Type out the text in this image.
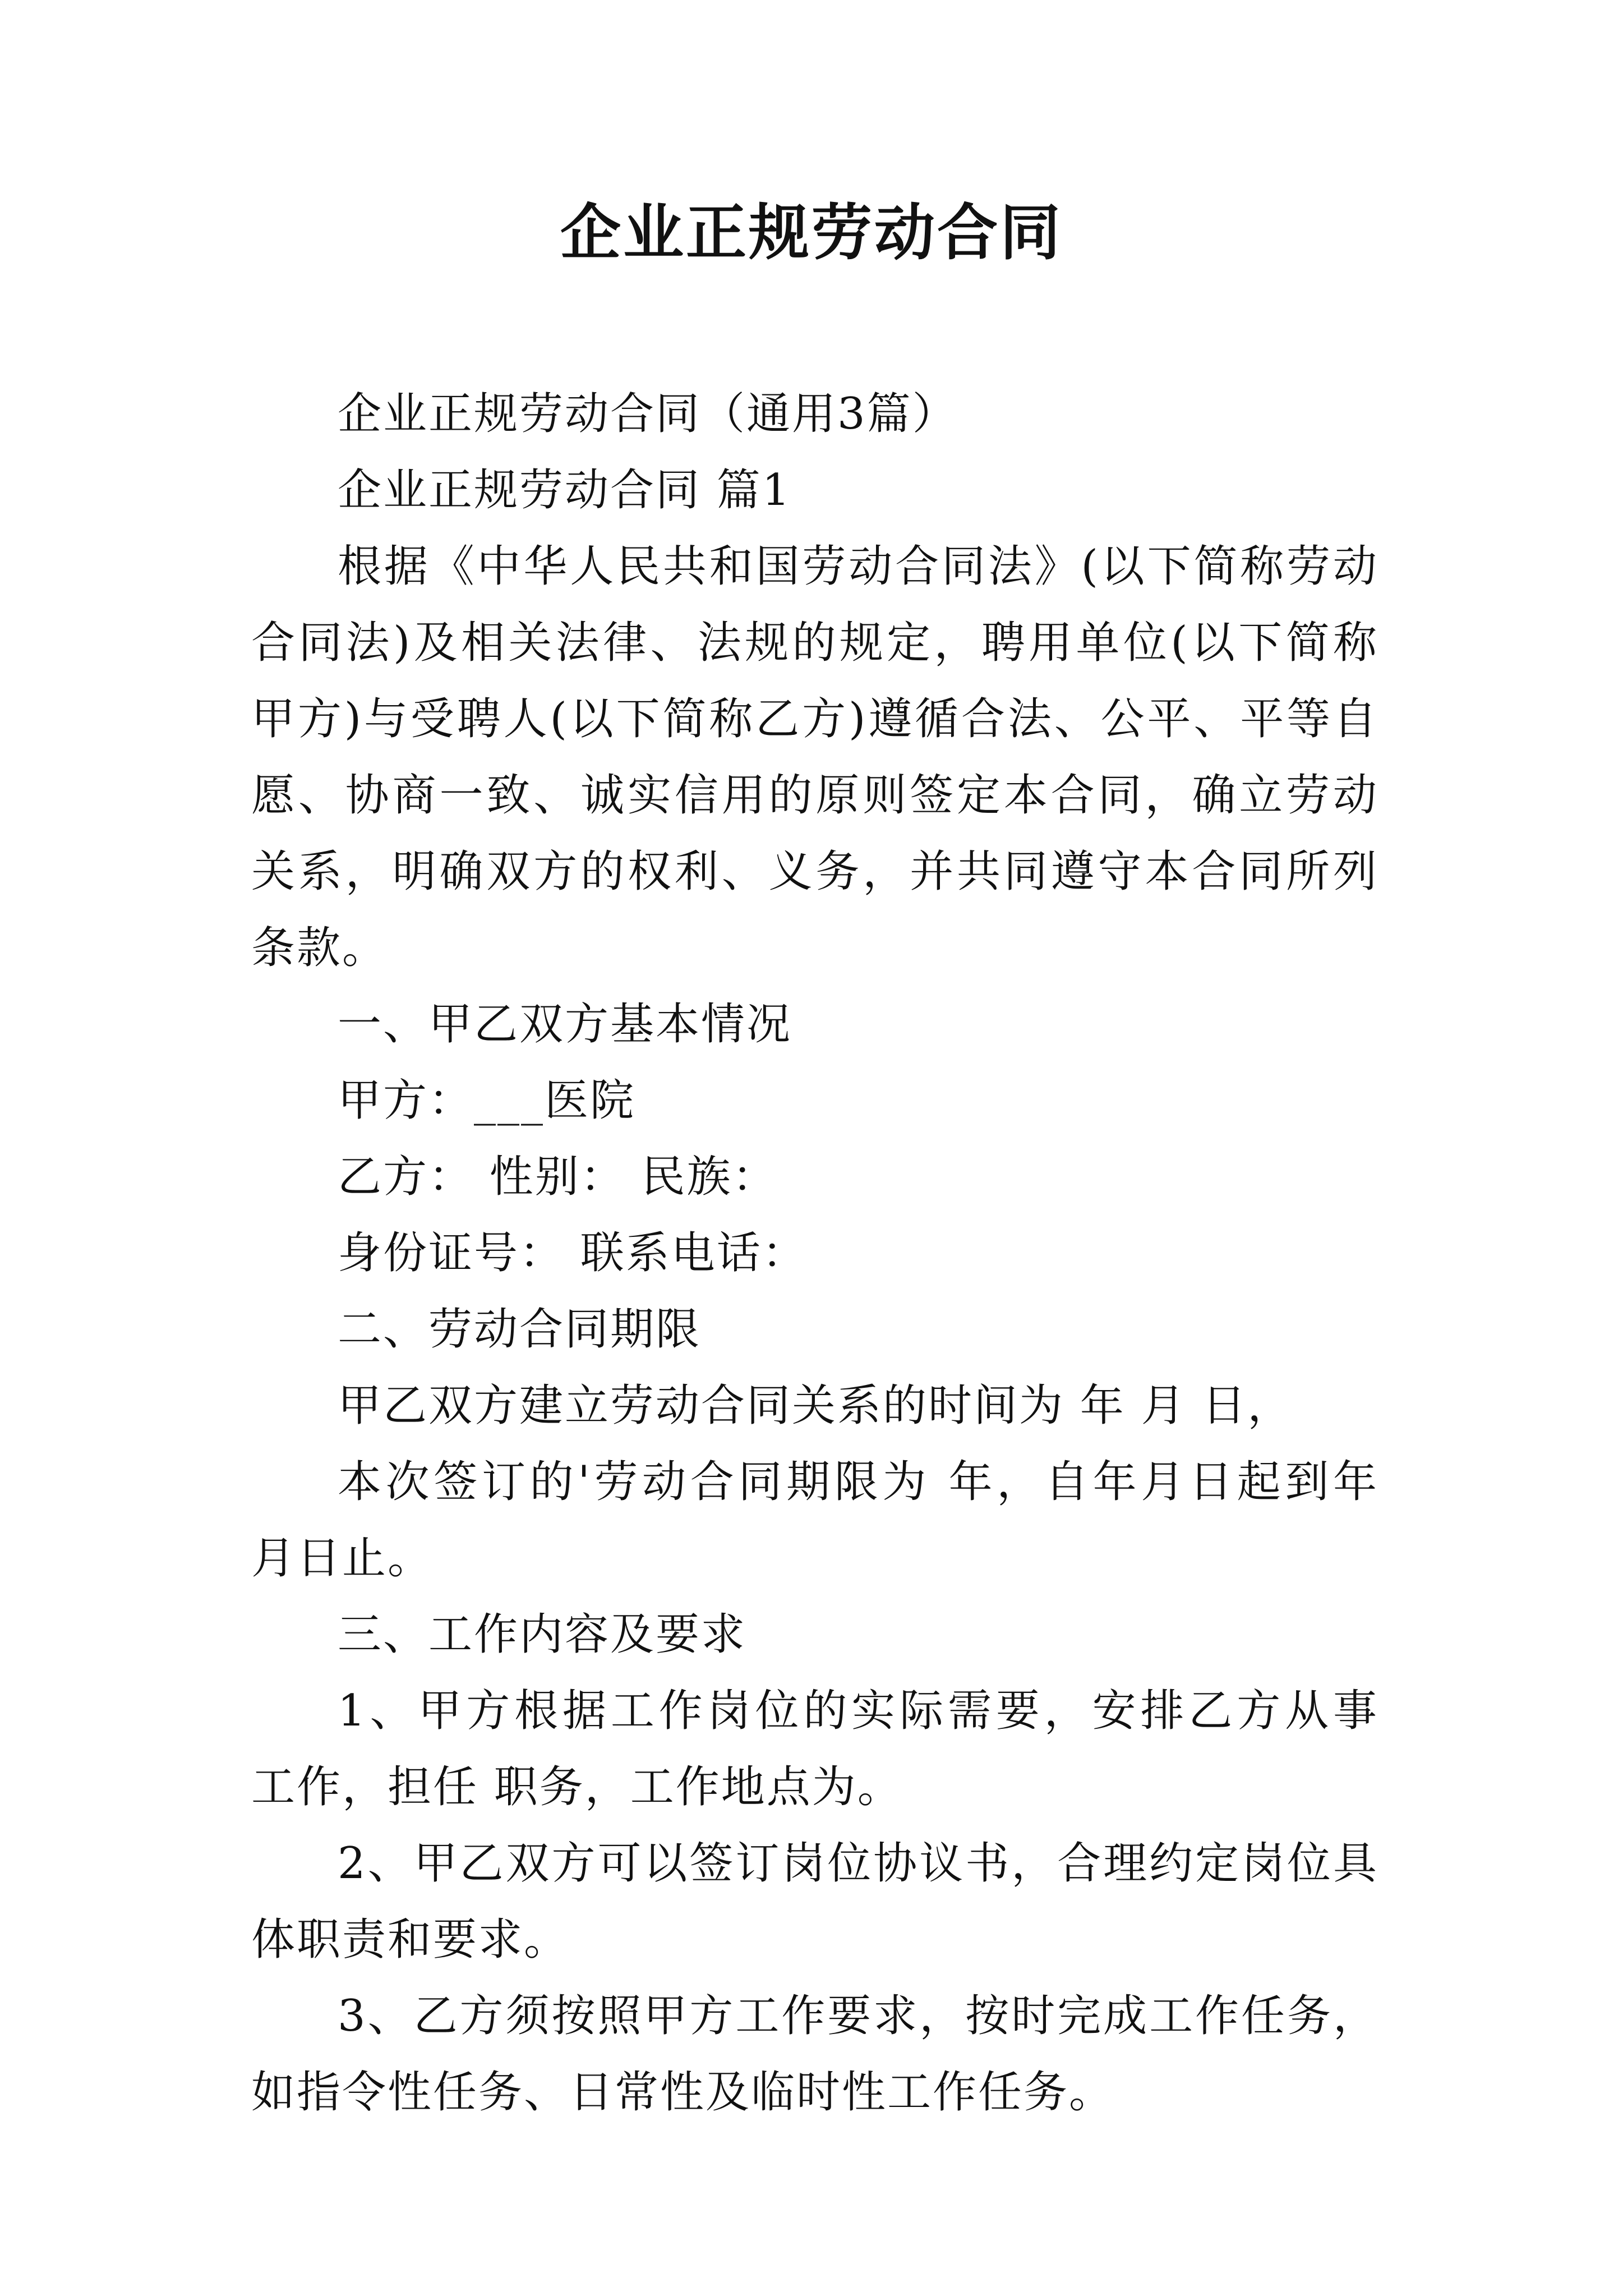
企业正规劳动合同

企业正规劳动合同（通用3篇）

企业正规劳动合同 篇1

根据《中华人民共和国劳动合同法》(以下简称劳动合同法)及相关法律、法规的规定，聘用单位(以下简称甲方)与受聘人(以下简称乙方)遵循合法、公平、平等自愿、协商一致、诚实信用的原则签定本合同，确立劳动关系，明确双方的权利、义务，并共同遵守本合同所列条款。

一、甲乙双方基本情况

甲方：___医院

乙方： 性别： 民族：

身份证号： 联系电话：

二、劳动合同期限

甲乙双方建立劳动合同关系的时间为 年 月 日，

本次签订的'劳动合同期限为 年，自年月日起到年 月日止。

三、工作内容及要求

1、甲方根据工作岗位的实际需要，安排乙方从事 工作，担任 职务，工作地点为。

2、甲乙双方可以签订岗位协议书，合理约定岗位具体职责和要求。

3、乙方须按照甲方工作要求，按时完成工作任务，如指令性任务、日常性及临时性工作任务。
